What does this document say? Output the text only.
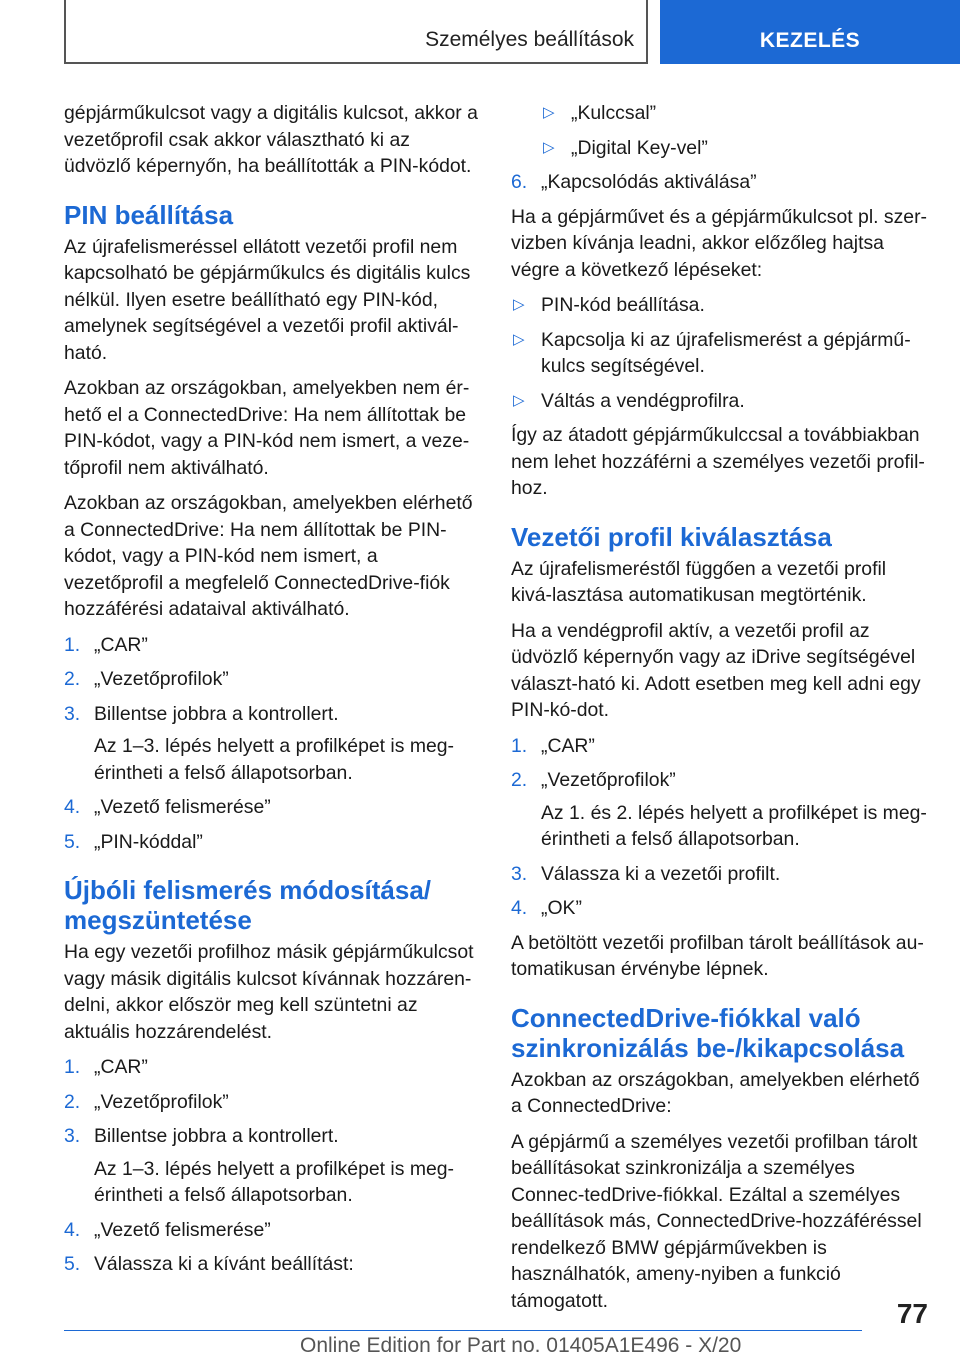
Személyes beállítások	KEZELÉS

gépjárműkulcsot vagy a digitális kulcsot, akkor a vezetőprofil csak akkor választható ki az üdvözlő képernyőn, ha beállították a PIN-kódot.

PIN beállítása

Az újrafelismeréssel ellátott vezetői profil nem kapcsolható be gépjárműkulcs és digitális kulcs nélkül. Ilyen esetre beállítható egy PIN-kód, amelynek segítségével a vezetői profil aktivál-ható.

Azokban az országokban, amelyekben nem ér-hető el a ConnectedDrive: Ha nem állítottak be PIN-kódot, vagy a PIN-kód nem ismert, a veze-tőprofil nem aktiválható.

Azokban az országokban, amelyekben elérhető a ConnectedDrive: Ha nem állítottak be PIN-kódot, vagy a PIN-kód nem ismert, a vezetőprofil a megfelelő ConnectedDrive-fiók hozzáférési adataival aktiválható.

1. „CAR”
2. „Vezetőprofilok”
3. Billentse jobbra a kontrollert.

Az 1–3. lépés helyett a profilképet is meg-érintheti a felső állapotsorban.

4. „Vezető felismerése”
5. „PIN-kóddal”
Újbóli felismerés módosítása/ megszüntetése

Ha egy vezetői profilhoz másik gépjárműkulcsot vagy másik digitális kulcsot kívánnak hozzáren-delni, akkor először meg kell szüntetni az aktuális hozzárendelést.

1. „CAR”
2. „Vezetőprofilok”
3. Billentse jobbra a kontrollert.

Az 1–3. lépés helyett a profilképet is meg-érintheti a felső állapotsorban.

4. „Vezető felismerése”
5. Válassza ki a kívánt beállítást:
▷ „Kulccsal”
▷ „Digital Key-vel”
6. „Kapcsolódás aktiválása”

Ha a gépjárművet és a gépjárműkulcsot pl. szer-vizben kívánja leadni, akkor előzőleg hajtsa végre a következő lépéseket:

▷ PIN-kód beállítása.
▷ Kapcsolja ki az újrafelismerést a gépjármű-kulcs segítségével.
▷ Váltás a vendégprofilra.

Így az átadott gépjárműkulccsal a továbbiakban nem lehet hozzáférni a személyes vezetői profil-hoz.

Vezetői profil kiválasztása

Az újrafelismeréstől függően a vezetői profil kivá-lasztása automatikusan megtörténik.

Ha a vendégprofil aktív, a vezetői profil az üdvözlő képernyőn vagy az iDrive segítségével választ-ható ki. Adott esetben meg kell adni egy PIN-kó-dot.

1. „CAR”
2. „Vezetőprofilok”

Az 1. és 2. lépés helyett a profilképet is meg-érintheti a felső állapotsorban.

3. Válassza ki a vezetői profilt.
4. „OK”

A betöltött vezetői profilban tárolt beállítások au-tomatikusan érvénybe lépnek.

ConnectedDrive-fiókkal való szinkronizálás be-/kikapcsolása

Azokban az országokban, amelyekben elérhető a ConnectedDrive:

A gépjármű a személyes vezetői profilban tárolt beállításokat szinkronizálja a személyes Connec-tedDrive-fiókkal. Ezáltal a személyes beállítások más, ConnectedDrive-hozzáféréssel rendelkező BMW gépjárművekben is használhatók, ameny-nyiben a funkció támogatott.	77
Online Edition for Part no. 01405A1E496 - X/20
